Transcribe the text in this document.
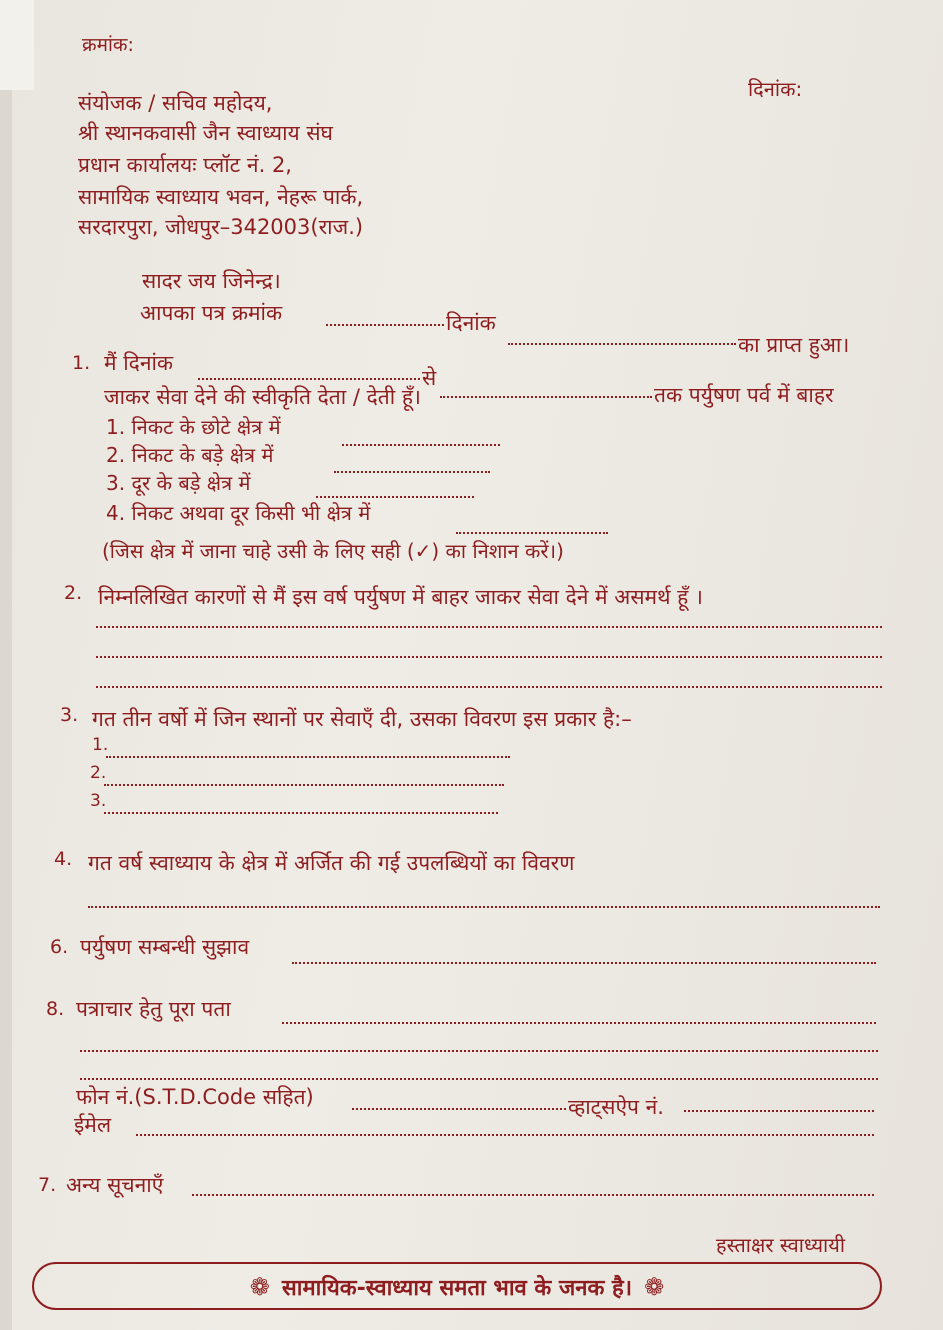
क्रमांक:
दिनांक:
संयोजक / सचिव महोदय,
श्री स्थानकवासी जैन स्वाध्याय संघ
प्रधान कार्यालयः प्लॉट नं. 2,
सामायिक स्वाध्याय भवन, नेहरू पार्क,
सरदारपुरा, जोधपुर–342003(राज.)
सादर जय जिनेन्द्र।
आपका पत्र क्रमांक	दिनांक
का प्राप्त हुआ।
1. मैं दिनांक
से
तक पर्युषण पर्व में बाहर
जाकर सेवा देने की स्वीकृति देता / देती हूँ।
1. निकट के छोटे क्षेत्र में
2. निकट के बड़े क्षेत्र में
3. दूर के बड़े क्षेत्र में
4. निकट अथवा दूर किसी भी क्षेत्र में
(जिस क्षेत्र में जाना चाहे उसी के लिए सही (✓) का निशान करें।)
2. निम्नलिखित कारणों से मैं इस वर्ष पर्युषण में बाहर जाकर सेवा देने में असमर्थ हूँ ।
3. गत तीन वर्षो में जिन स्थानों पर सेवाएँ दी, उसका विवरण इस प्रकार है:–
1.
2.
3.
4. गत वर्ष स्वाध्याय के क्षेत्र में अर्जित की गई उपलब्धियों का विवरण
6. पर्युषण सम्बन्धी सुझाव
8. पत्राचार हेतु पूरा पता
फोन नं.(S.T.D.Code सहित)	व्हाट्सऐप नं.
ईमेल
7. अन्य सूचनाएँ
हस्ताक्षर स्वाध्यायी
❁ सामायिक-स्वाध्याय समता भाव के जनक है। ❁
